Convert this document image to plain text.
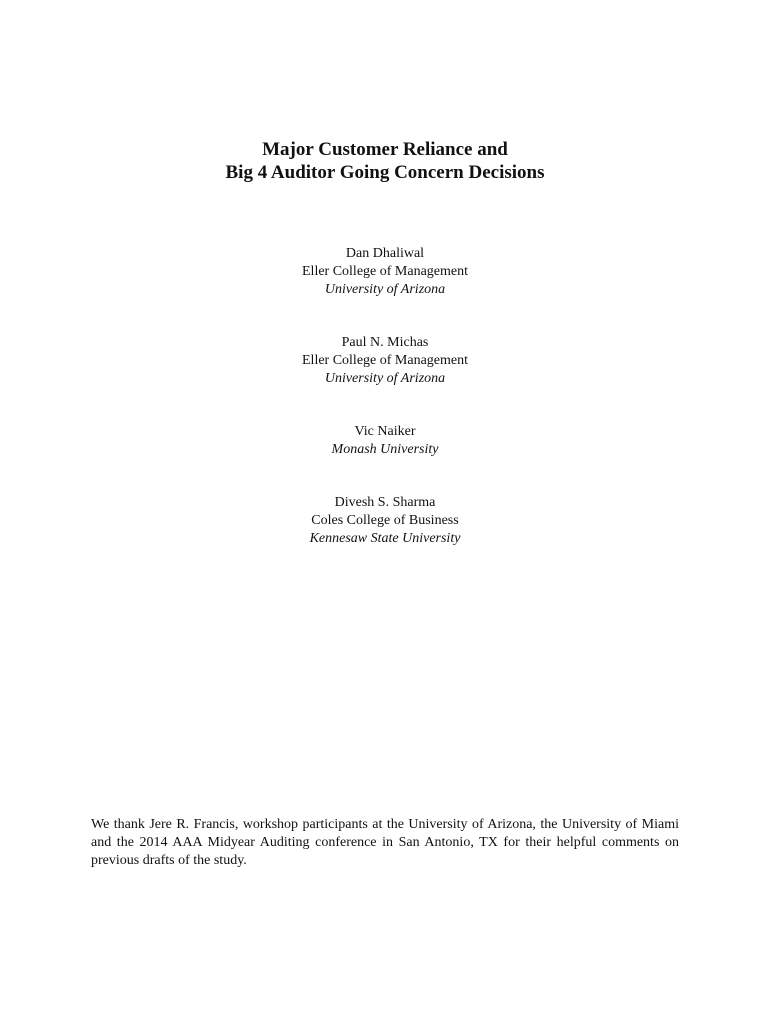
Major Customer Reliance and
Big 4 Auditor Going Concern Decisions
Dan Dhaliwal
Eller College of Management
University of Arizona
Paul N. Michas
Eller College of Management
University of Arizona
Vic Naiker
Monash University
Divesh S. Sharma
Coles College of Business
Kennesaw State University

We thank Jere R. Francis, workshop participants at the University of Arizona, the University of Miami and the 2014 AAA Midyear Auditing conference in San Antonio, TX for their helpful comments on previous drafts of the study.
